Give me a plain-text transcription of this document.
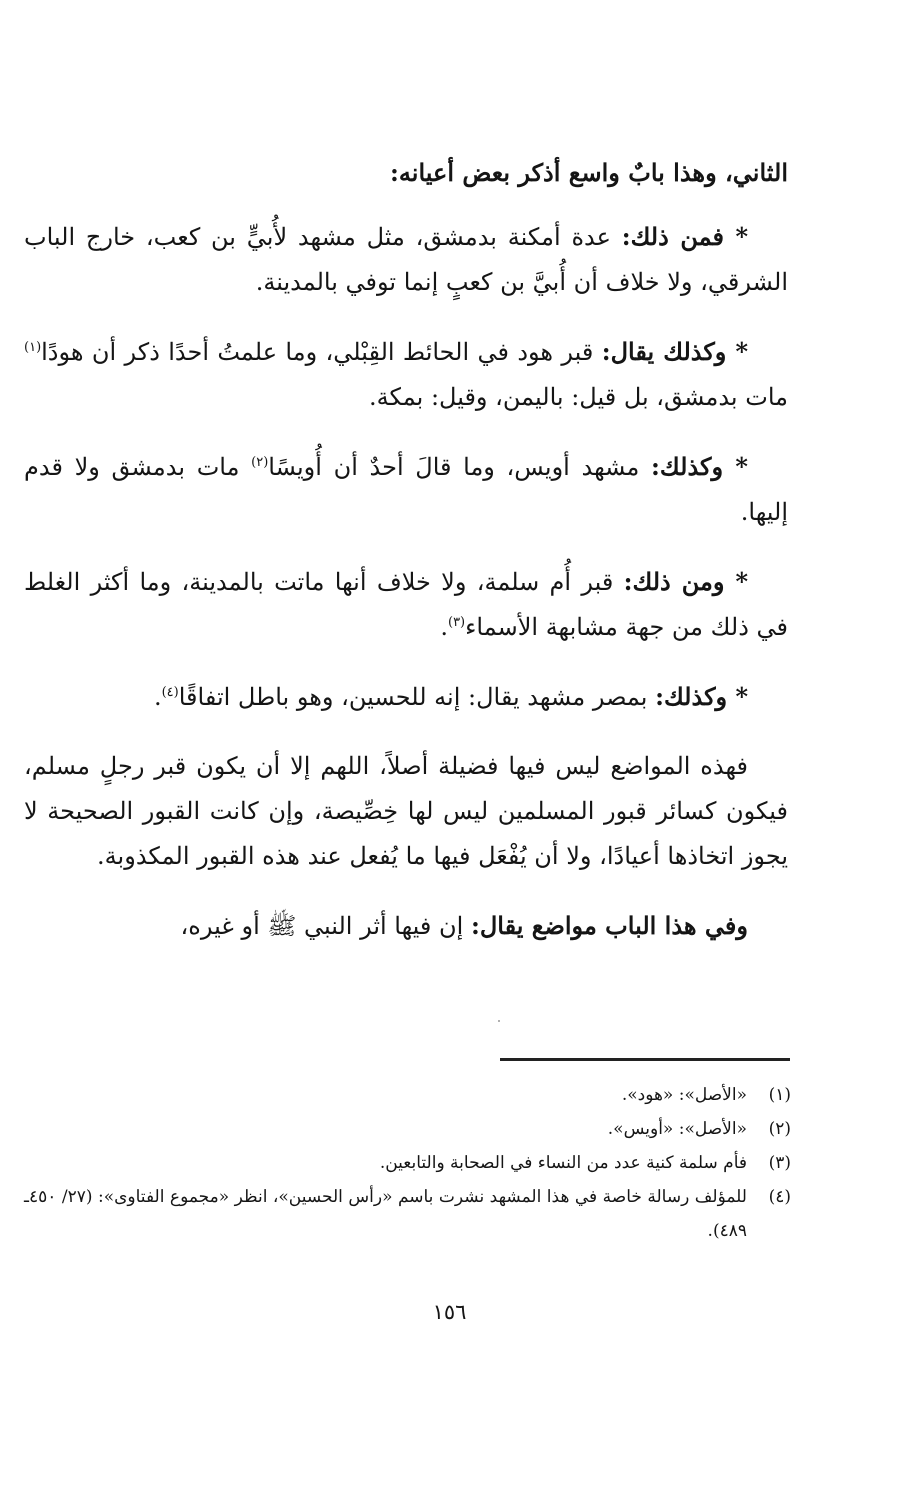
الثاني، وهذا بابٌ واسع أذكر بعض أعيانه:

* فمن ذلك: عدة أمكنة بدمشق، مثل مشهد لأُبيٍّ بن كعب، خارج الباب الشرقي، ولا خلاف أن أُبيَّ بن كعبٍ إنما توفي بالمدينة.

* وكذلك يقال: قبر هود في الحائط القِبْلي، وما علمتُ أحدًا ذكر أن هودًا$^{(١)}$ مات بدمشق، بل قيل: باليمن، وقيل: بمكة.

* وكذلك: مشهد أويس، وما قالَ أحدٌ أن أُويسًا$^{(٢)}$ مات بدمشق ولا قدم إليها.

* ومن ذلك: قبر أُم سلمة، ولا خلاف أنها ماتت بالمدينة، وما أكثر الغلط في ذلك من جهة مشابهة الأسماء$^{(٣)}$.

* وكذلك: بمصر مشهد يقال: إنه للحسين، وهو باطل اتفاقًا$^{(٤)}$.

فهذه المواضع ليس فيها فضيلة أصلاً، اللهم إلا أن يكون قبر رجلٍ مسلم، فيكون كسائر قبور المسلمين ليس لها خِصِّيصة، وإن كانت القبور الصحيحة لا يجوز اتخاذها أعيادًا، ولا أن يُفْعَل فيها ما يُفعل عند هذه القبور المكذوبة.

وفي هذا الباب مواضع يقال: إن فيها أثر النبي ﷺ أو غيره،

(١)
«الأصل»: «هود».
(٢)
«الأصل»: «أويس».
(٣)
فأم سلمة كنية عدد من النساء في الصحابة والتابعين.
(٤)
للمؤلف رسالة خاصة في هذا المشهد نشرت باسم «رأس الحسين»، انظر «مجموع الفتاوى»: (٢٧/ ٤٥٠ـ ٤٨٩).
١٥٦
